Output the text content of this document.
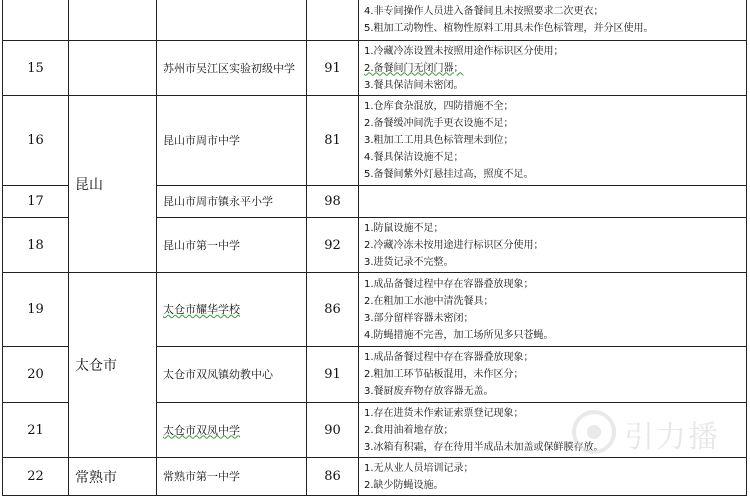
				4.非专间操作人员进入备餐间且未按照要求二次更衣；
5.粗加工动物性、植物性原料工用具未作色标管理，并分区使用。

15		苏州市吴江区实验初级中学	91	1.冷藏冷冻设置未按照用途作标识区分使用；
2.备餐间门无闭门器；
3.餐具保洁间未密闭。

16	昆山	昆山市周市中学	81	1.仓库食杂混放，四防措施不全；
2.备餐缓冲间洗手更衣设施不足；
3.粗加工工用具色标管理未到位；
4.餐具保洁设施不足；
5.备餐间紫外灯悬挂过高，照度不足。

17		昆山市周市镇永平小学	98	
18		昆山市第一中学	92	1.防鼠设施不足；
2.冷藏冷冻未按用途进行标识区分使用；
3.进货记录不完整。

19	太仓市	太仓市耀华学校	86	1.成品备餐过程中存在容器叠放现象；
2.在粗加工水池中清洗餐具；
3.部分留样容器未密闭；
4.防蝇措施不完善，加工场所见多只苍蝇。

20		太仓市双凤镇幼教中心	91	1.成品备餐过程中存在容器叠放现象；
2.粗加工环节砧板混用，未作区分；
3.餐厨废弃物存放容器无盖。

21		太仓市双凤中学	90	1.存在进货未作索证索票登记现象；
2.食用油着地存放；
3.冰箱有积霜，存在待用半成品未加盖或保鲜膜存放。

22	常熟市	常熟市第一中学	86	1.无从业人员培训记录；
2.缺少防蝇设施。
引力播
